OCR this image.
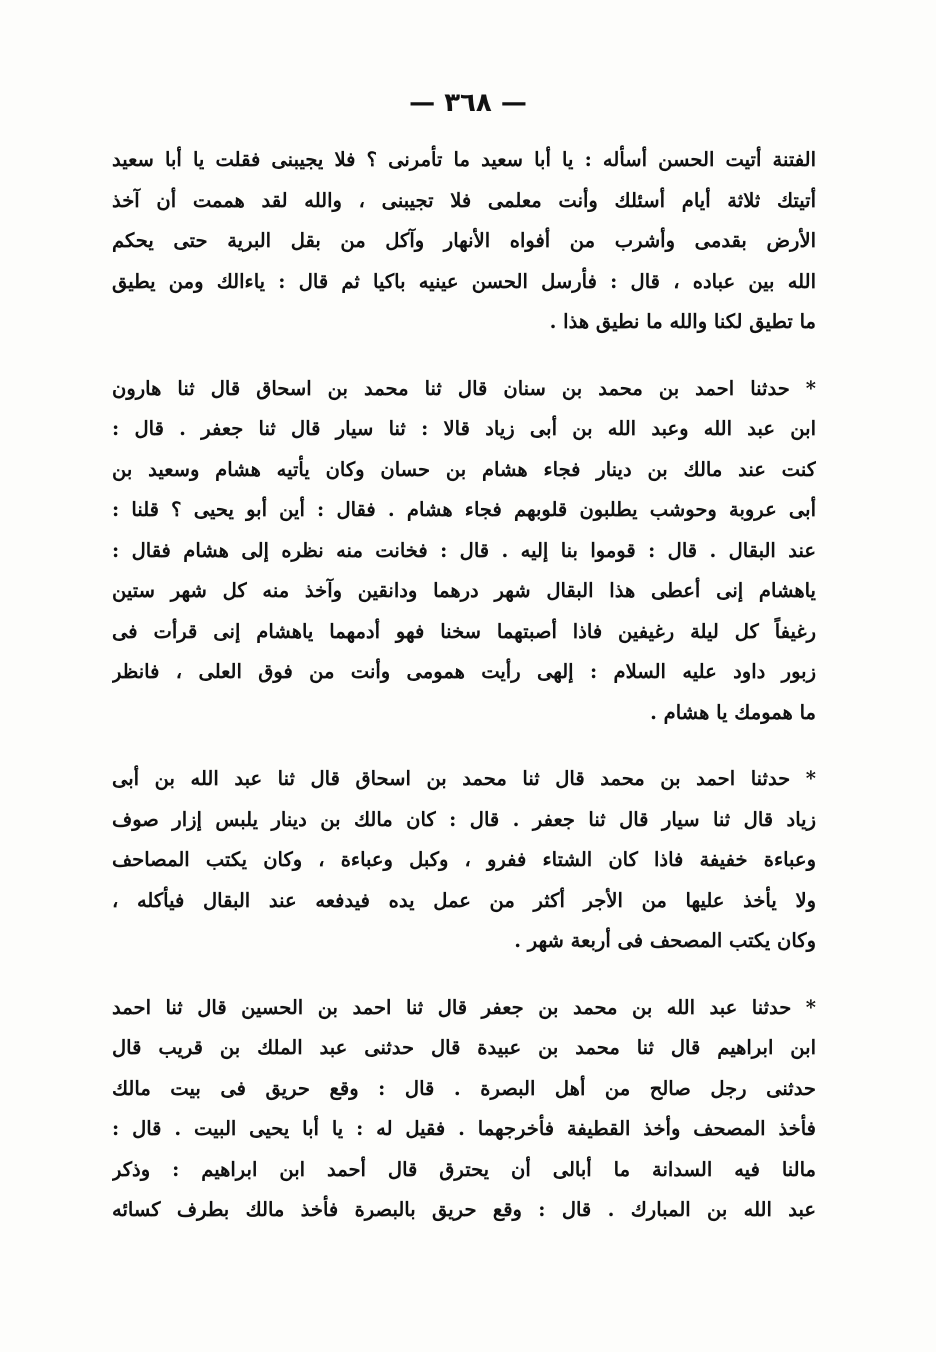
— ٣٦٨ —
الفتنة أتيت الحسن أسأله : يا أبا سعيد ما تأمرنى ؟ فلا يجيبنى فقلت يا أبا سعيد
أتيتك ثلاثة أيام أسئلك وأنت معلمى فلا تجيبنى ، والله لقد هممت أن آخذ
الأرض بقدمى وأشرب من أفواه الأنهار وآكل من بقل البرية حتى يحكم
الله بين عباده ، قال : فأرسل الحسن عينيه باكيا ثم قال : ياءالك ومن يطيق
ما تطيق لكنا والله ما نطيق هذا .
* حدثنا احمد بن محمد بن سنان قال ثنا محمد بن اسحاق قال ثنا هارون
ابن عبد الله وعبد الله بن أبى زياد قالا : ثنا سيار قال ثنا جعفر . قال :
كنت عند مالك بن دينار فجاء هشام بن حسان وكان يأتيه هشام وسعيد بن
أبى عروبة وحوشب يطلبون قلوبهم فجاء هشام . فقال : أين أبو يحيى ؟ قلنا :
عند البقال . قال : قوموا بنا إليه . قال : فخانت منه نظره إلى هشام فقال :
ياهشام إنى أعطى هذا البقال شهر درهما ودانقين وآخذ منه كل شهر ستين
رغيفاً كل ليلة رغيفين فاذا أصبتهما سخنا فهو أدمهما ياهشام إنى قرأت فى
زبور داود عليه السلام : إلهى رأيت همومى وأنت من فوق العلى ، فانظر
ما همومك يا هشام .
* حدثنا احمد بن محمد قال ثنا محمد بن اسحاق قال ثنا عبد الله بن أبى
زياد قال ثنا سيار قال ثنا جعفر . قال : كان مالك بن دينار يلبس إزار صوف
وعباءة خفيفة فاذا كان الشتاء ففرو ، وكبل وعباءة ، وكان يكتب المصاحف
ولا يأخذ عليها من الأجر أكثر من عمل يده فيدفعه عند البقال فيأكله ،
وكان يكتب المصحف فى أربعة شهر .
* حدثنا عبد الله بن محمد بن جعفر قال ثنا احمد بن الحسين قال ثنا احمد
ابن ابراهيم قال ثنا محمد بن عبيدة قال حدثنى عبد الملك بن قريب قال
حدثنى رجل صالح من أهل البصرة . قال : وقع حريق فى بيت مالك
فأخذ المصحف وأخذ القطيفة فأخرجهما . فقيل له : يا أبا يحيى البيت . قال :
مالنا فيه السدانة ما أبالى أن يحترق قال أحمد ابن ابراهيم : وذكر
عبد الله بن المبارك . قال : وقع حريق بالبصرة فأخذ مالك بطرف كسائه
